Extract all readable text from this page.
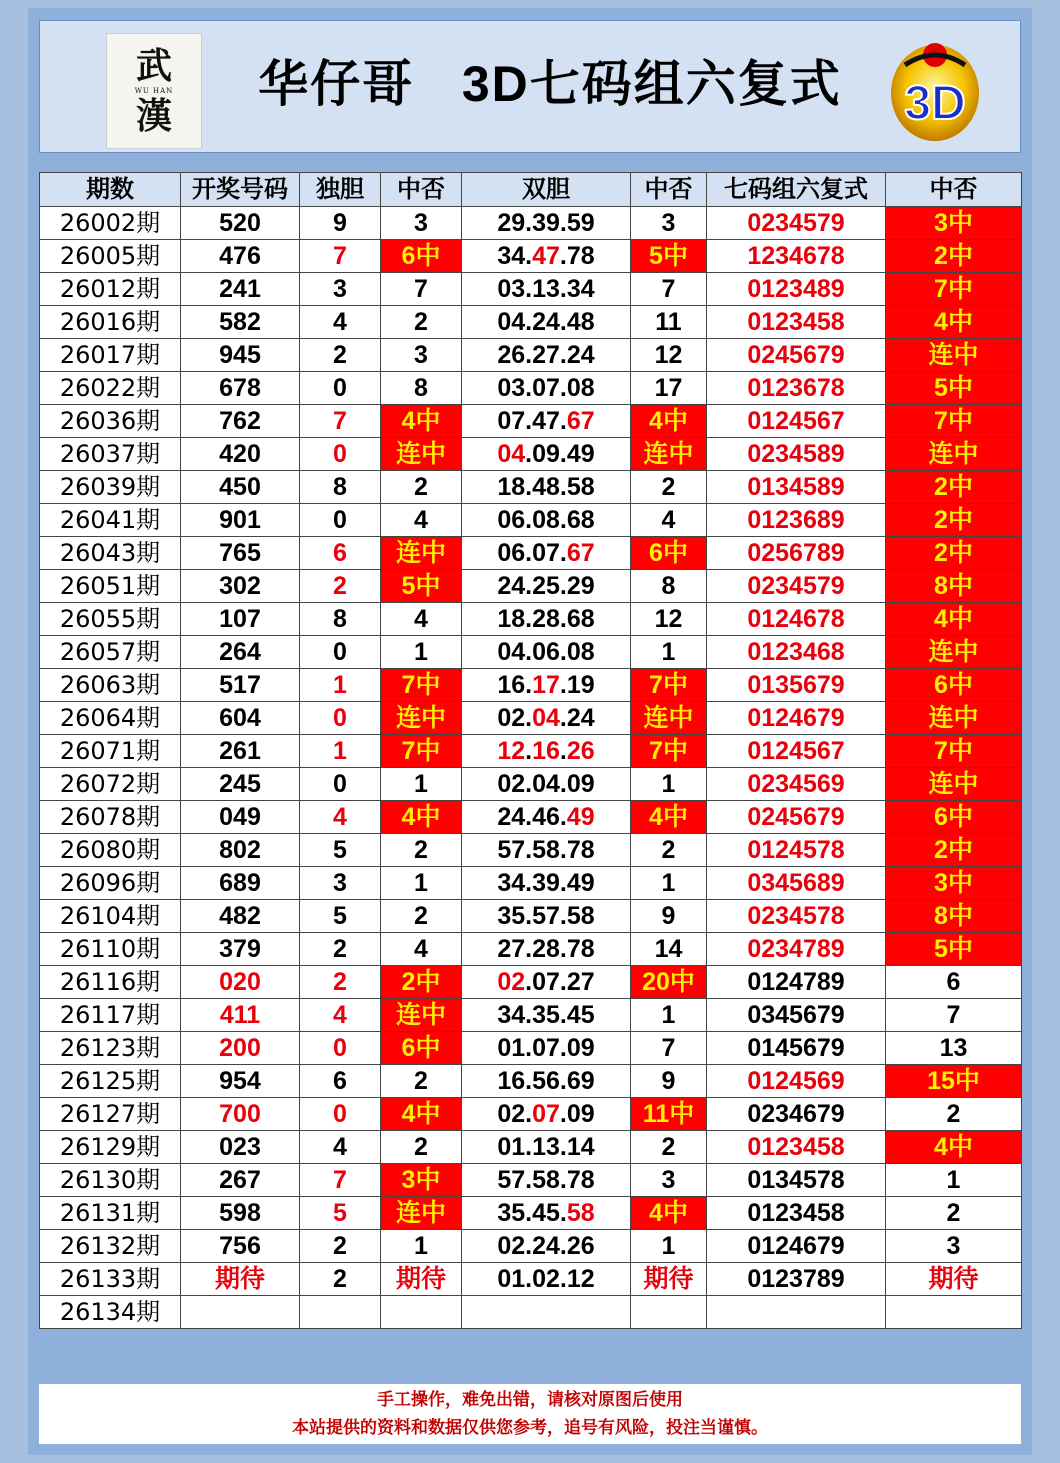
武
WU HAN
漢
华仔哥   3D七码组六复式	3D
期数	开奖号码	独胆	中否	双胆	中否	七码组六复式	中否
26002期	520	9	3	29.39.59	3	0234579	3中
26005期	476	7	6中	34.47.78	5中	1234678	2中
26012期	241	3	7	03.13.34	7	0123489	7中
26016期	582	4	2	04.24.48	11	0123458	4中
26017期	945	2	3	26.27.24	12	0245679	连中
26022期	678	0	8	03.07.08	17	0123678	5中
26036期	762	7	4中	07.47.67	4中	0124567	7中
26037期	420	0	连中	04.09.49	连中	0234589	连中
26039期	450	8	2	18.48.58	2	0134589	2中
26041期	901	0	4	06.08.68	4	0123689	2中
26043期	765	6	连中	06.07.67	6中	0256789	2中
26051期	302	2	5中	24.25.29	8	0234579	8中
26055期	107	8	4	18.28.68	12	0124678	4中
26057期	264	0	1	04.06.08	1	0123468	连中
26063期	517	1	7中	16.17.19	7中	0135679	6中
26064期	604	0	连中	02.04.24	连中	0124679	连中
26071期	261	1	7中	12.16.26	7中	0124567	7中
26072期	245	0	1	02.04.09	1	0234569	连中
26078期	049	4	4中	24.46.49	4中	0245679	6中
26080期	802	5	2	57.58.78	2	0124578	2中
26096期	689	3	1	34.39.49	1	0345689	3中
26104期	482	5	2	35.57.58	9	0234578	8中
26110期	379	2	4	27.28.78	14	0234789	5中
26116期	020	2	2中	02.07.27	20中	0124789	6
26117期	411	4	连中	34.35.45	1	0345679	7
26123期	200	0	6中	01.07.09	7	0145679	13
26125期	954	6	2	16.56.69	9	0124569	15中
26127期	700	0	4中	02.07.09	11中	0234679	2
26129期	023	4	2	01.13.14	2	0123458	4中
26130期	267	7	3中	57.58.78	3	0134578	1
26131期	598	5	连中	35.45.58	4中	0123458	2
26132期	756	2	1	02.24.26	1	0124679	3
26133期	期待	2	期待	01.02.12	期待	0123789	期待
26134期							
手工操作，难免出错，请核对原图后使用
本站提供的资料和数据仅供您参考，追号有风险，投注当谨慎。
